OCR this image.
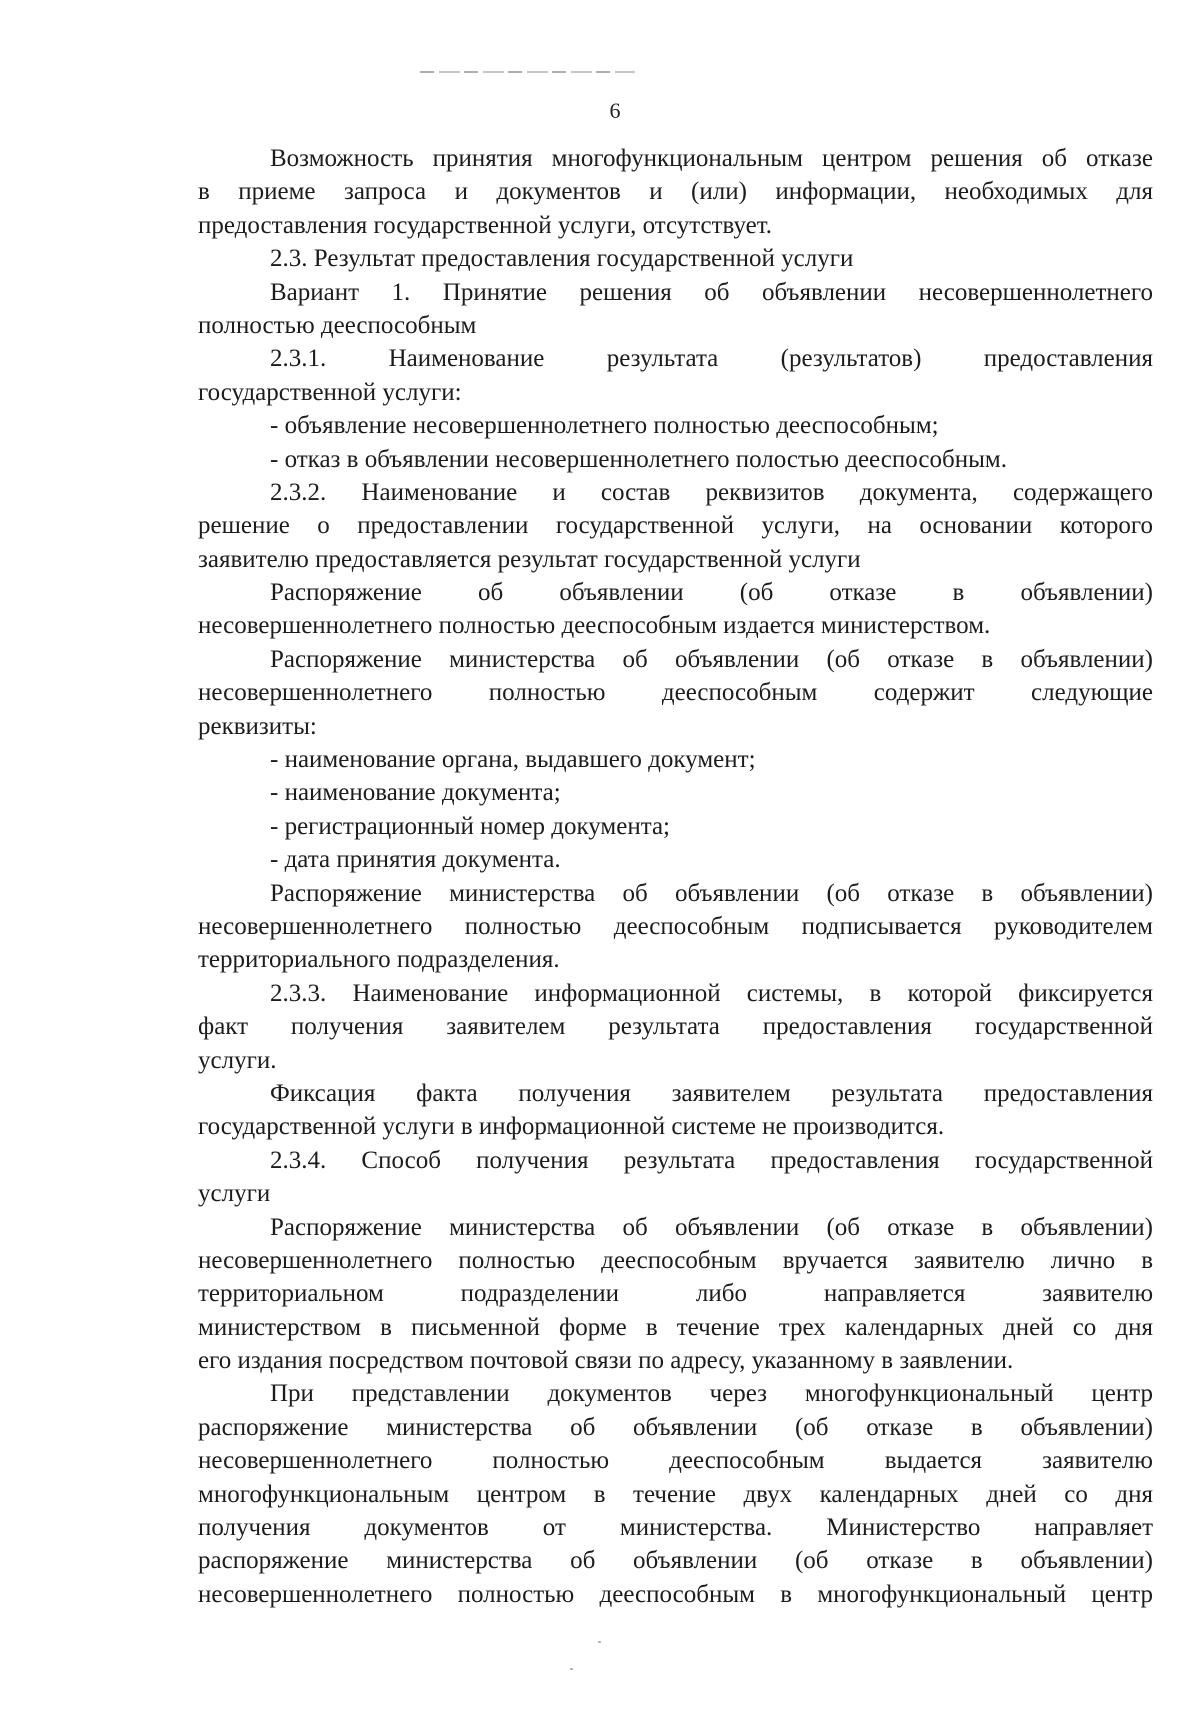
6
Возможность принятия многофункциональным центром решения об отказе
в приеме запроса и документов и (или) информации, необходимых для
предоставления государственной услуги, отсутствует.
2.3. Результат предоставления государственной услуги
Вариант 1. Принятие решения об объявлении несовершеннолетнего
полностью дееспособным
2.3.1. Наименование результата (результатов) предоставления
государственной услуги:
- объявление несовершеннолетнего полностью дееспособным;
- отказ в объявлении несовершеннолетнего полостью дееспособным.
2.3.2. Наименование и состав реквизитов документа, содержащего
решение о предоставлении государственной услуги, на основании которого
заявителю предоставляется результат государственной услуги
Распоряжение об объявлении (об отказе в объявлении)
несовершеннолетнего полностью дееспособным издается министерством.
Распоряжение министерства об объявлении (об отказе в объявлении)
несовершеннолетнего полностью дееспособным содержит следующие
реквизиты:
- наименование органа, выдавшего документ;
- наименование документа;
- регистрационный номер документа;
- дата принятия документа.
Распоряжение министерства об объявлении (об отказе в объявлении)
несовершеннолетнего полностью дееспособным подписывается руководителем
территориального подразделения.
2.3.3. Наименование информационной системы, в которой фиксируется
факт получения заявителем результата предоставления государственной
услуги.
Фиксация факта получения заявителем результата предоставления
государственной услуги в информационной системе не производится.
2.3.4. Способ получения результата предоставления государственной
услуги
Распоряжение министерства об объявлении (об отказе в объявлении)
несовершеннолетнего полностью дееспособным вручается заявителю лично в
территориальном подразделении либо направляется заявителю
министерством в письменной форме в течение трех календарных дней со дня
его издания посредством почтовой связи по адресу, указанному в заявлении.
При представлении документов через многофункциональный центр
распоряжение министерства об объявлении (об отказе в объявлении)
несовершеннолетнего полностью дееспособным выдается заявителю
многофункциональным центром в течение двух календарных дней со дня
получения документов от министерства. Министерство направляет
распоряжение министерства об объявлении (об отказе в объявлении)
несовершеннолетнего полностью дееспособным в многофункциональный центр
